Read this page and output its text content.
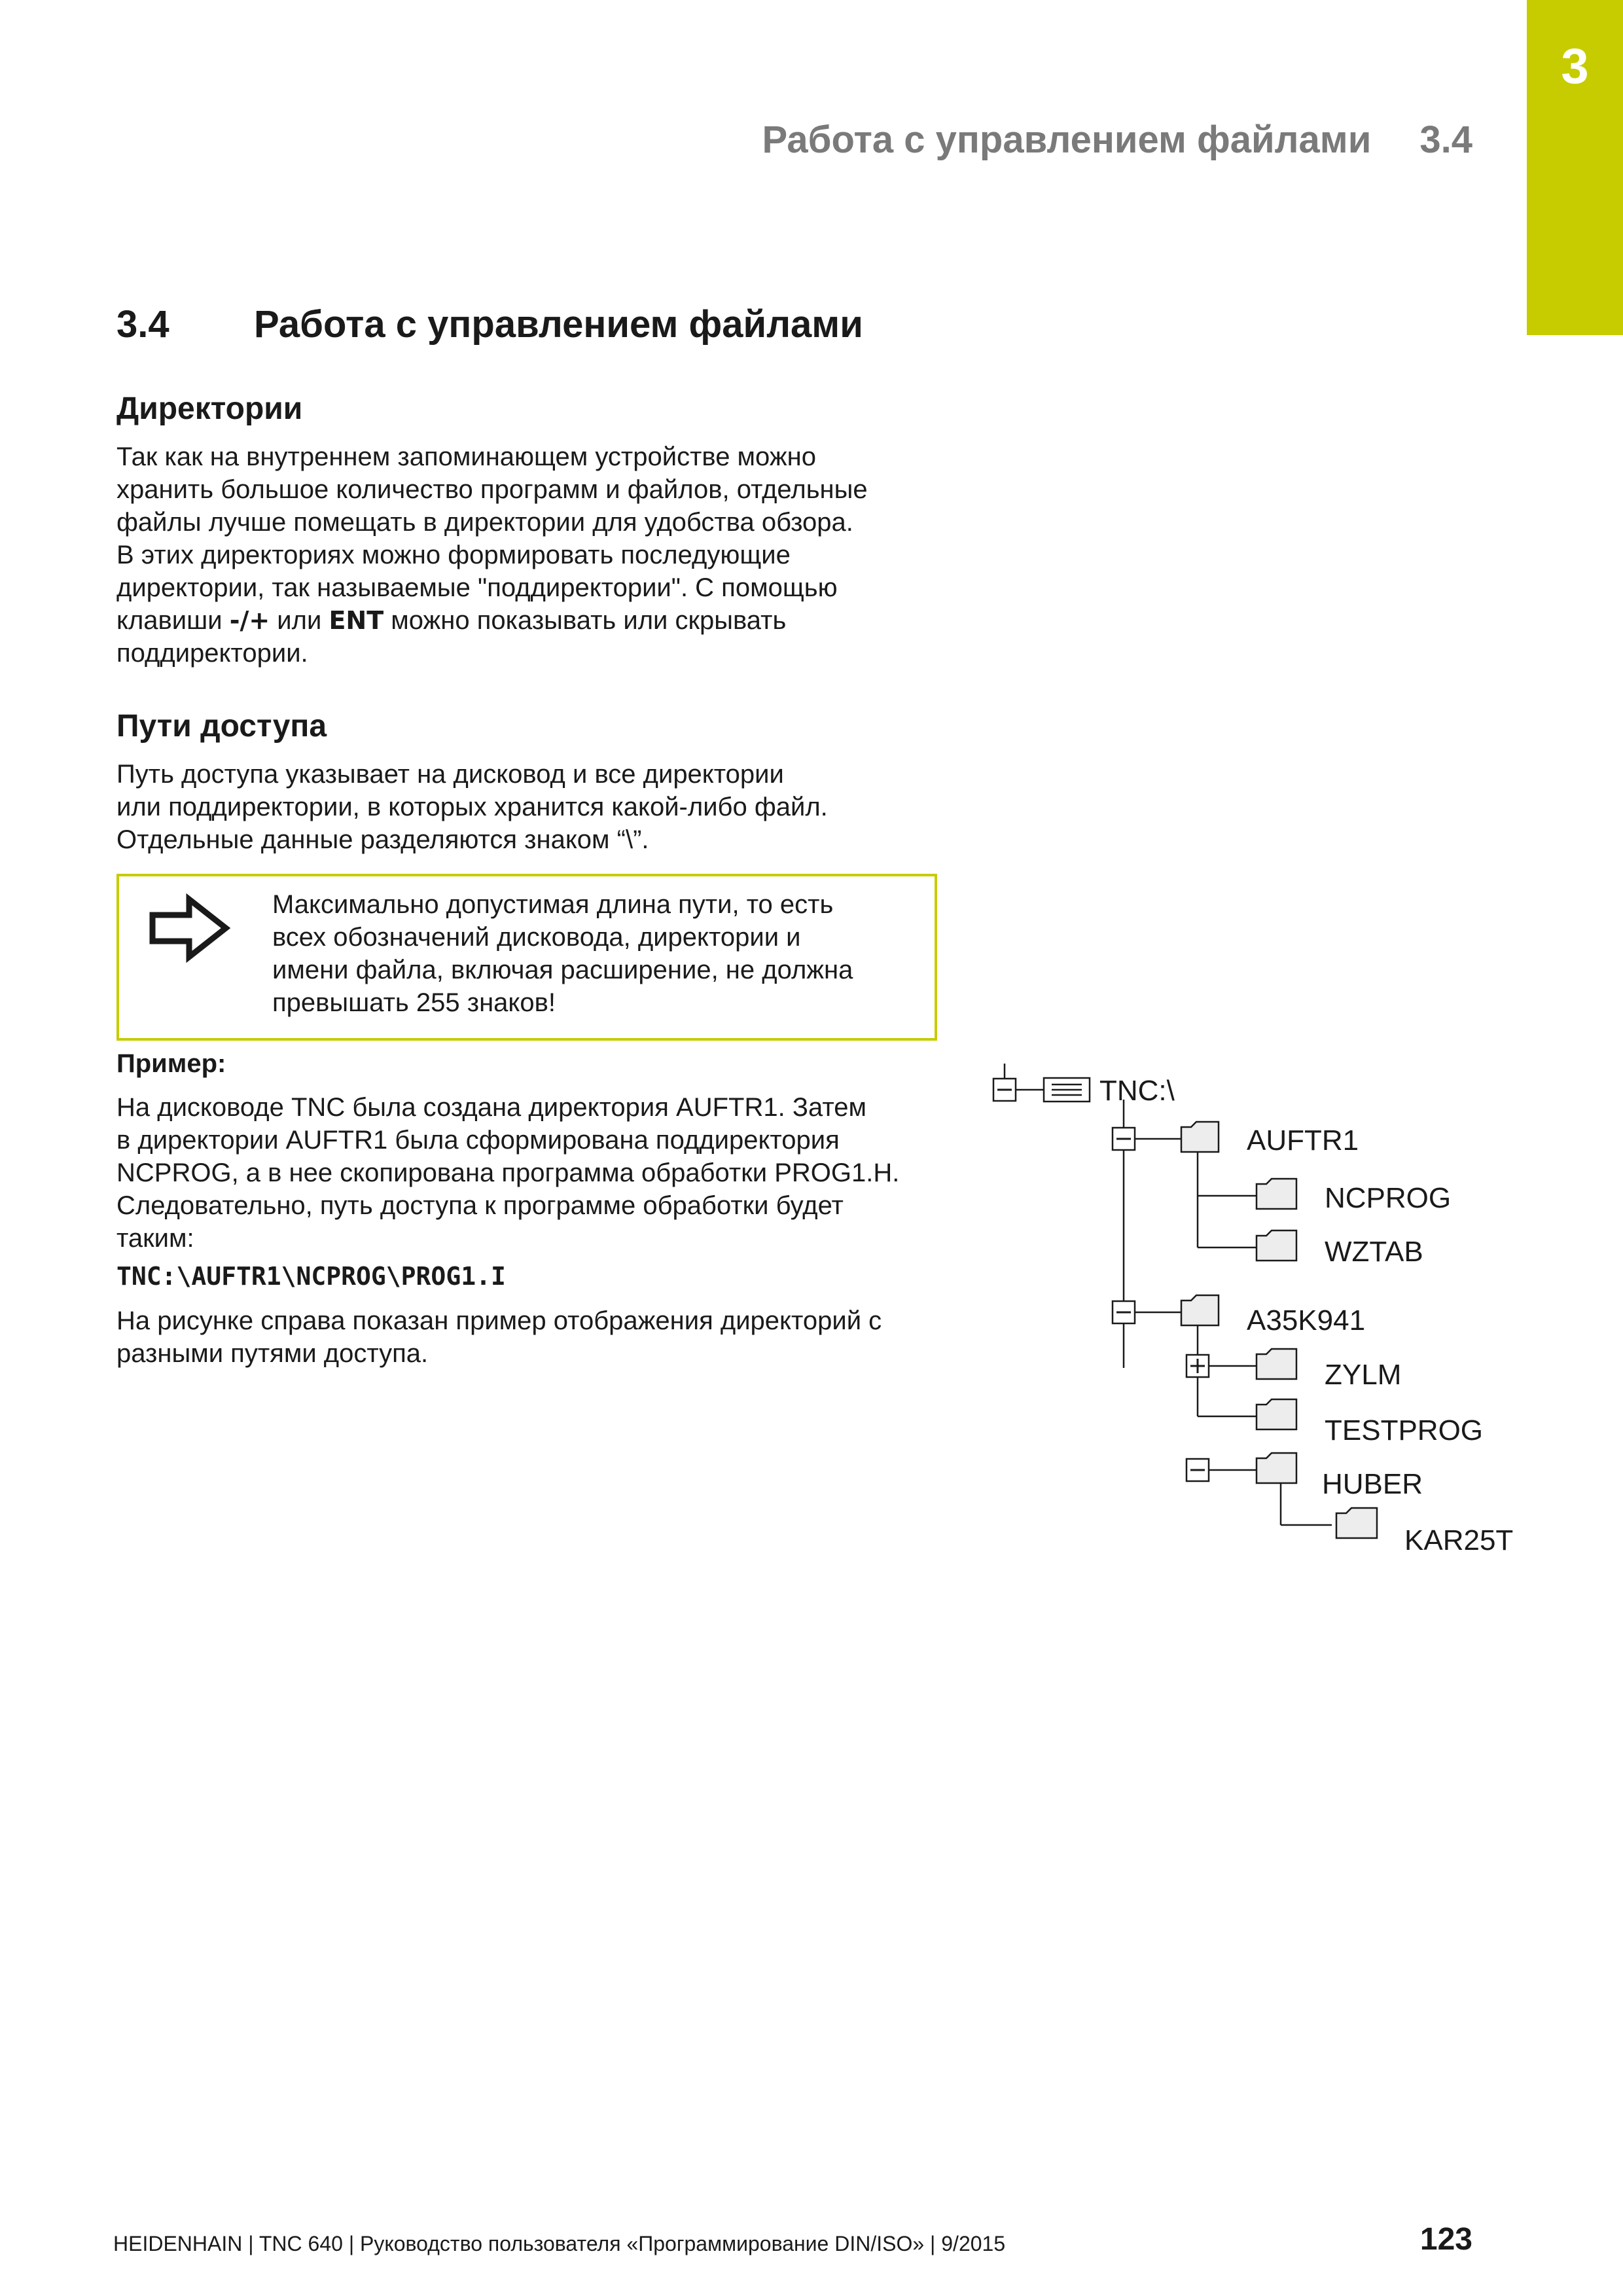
3
Работа с управлением файлами 3.4
3.4 Работа с управлением файлами
Директории
Так как на внутреннем запоминающем устройстве можно
хранить большое количество программ и файлов, отдельные
файлы лучше помещать в директории для удобства обзора.
В этих директориях можно формировать последующие
директории, так называемые "поддиректории". С помощью
клавиши -/+ или ENT можно показывать или скрывать
поддиректории.
Пути доступа
Путь доступа указывает на дисковод и все директории
или поддиректории, в которых хранится какой-либо файл.
Отдельные данные разделяются знаком “\”.
Максимально допустимая длина пути, то есть
всех обозначений дисковода, директории и
имени файла, включая расширение, не должна
превышать 255 знаков!
Пример:
На дисководе TNC была создана директория AUFTR1. Затем
в директории AUFTR1 была сформирована поддиректория
NCPROG, а в нее скопирована программа обработки PROG1.H.
Следовательно, путь доступа к программе обработки будет
таким:
TNC:\AUFTR1\NCPROG\PROG1.I
На рисунке справа показан пример отображения директорий с
разными путями доступа.
TNC:\
AUFTR1
NCPROG
WZTAB
A35K941
ZYLM
TESTPROG
HUBER
KAR25T
HEIDENHAIN | TNC 640 | Руководство пользователя «Программирование DIN/ISO» | 9/2015	123
